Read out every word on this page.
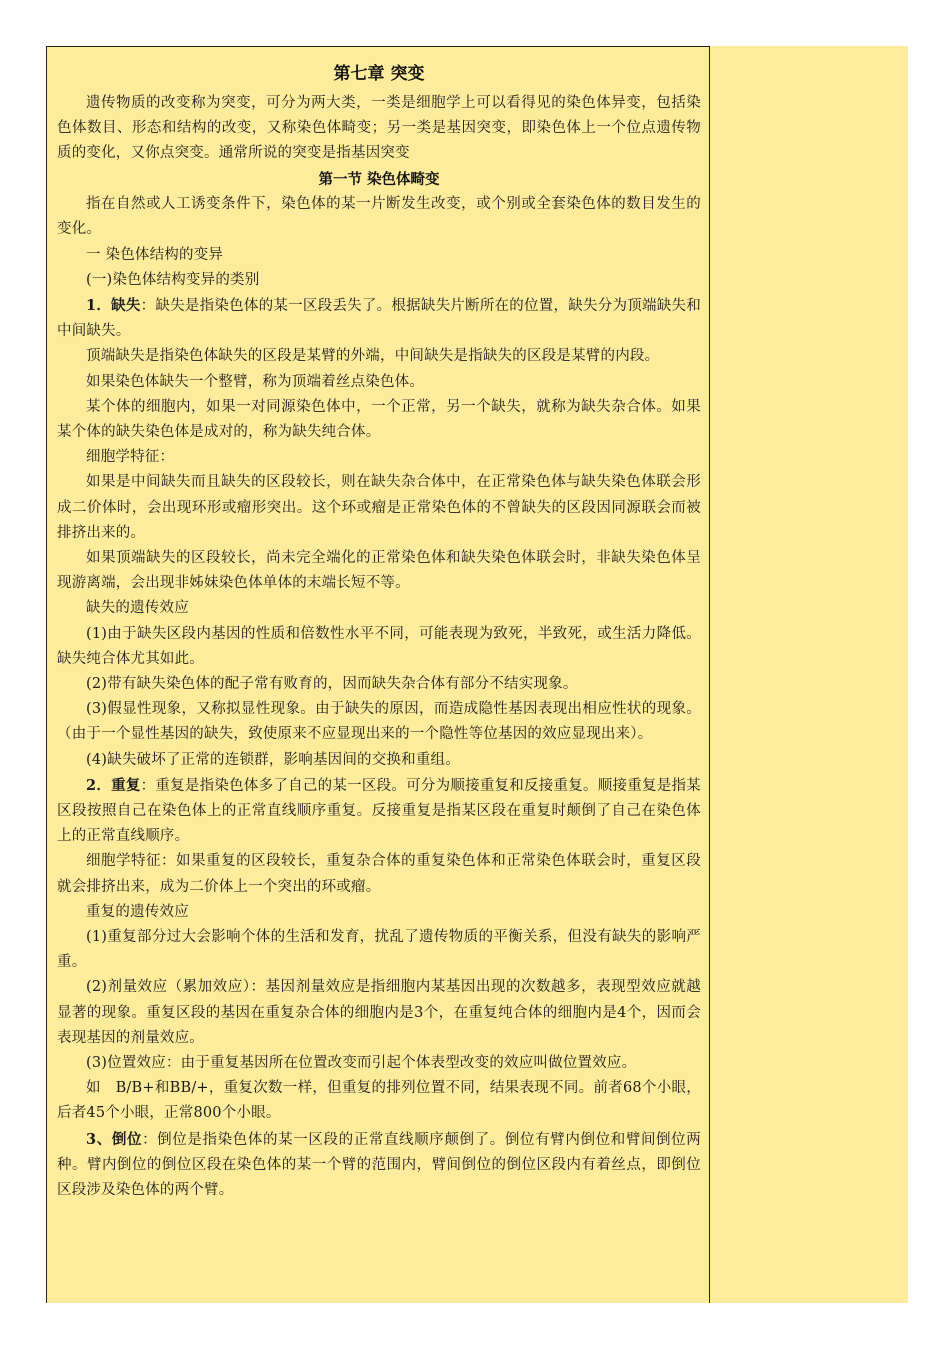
第七章 突变

遗传物质的改变称为突变，可分为两大类，一类是细胞学上可以看得见的染色体异变，包括染色体数目、形态和结构的改变，又称染色体畸变；另一类是基因突变，即染色体上一个位点遗传物质的变化，又你点突变。通常所说的突变是指基因突变

第一节 染色体畸变

指在自然或人工诱变条件下，染色体的某一片断发生改变，或个别或全套染色体的数目发生的变化。

一 染色体结构的变异

(一)染色体结构变异的类别

1．缺失：缺失是指染色体的某一区段丢失了。根据缺失片断所在的位置，缺失分为顶端缺失和中间缺失。

顶端缺失是指染色体缺失的区段是某臂的外端，中间缺失是指缺失的区段是某臂的内段。

如果染色体缺失一个整臂，称为顶端着丝点染色体。

某个体的细胞内，如果一对同源染色体中，一个正常，另一个缺失，就称为缺失杂合体。如果某个体的缺失染色体是成对的，称为缺失纯合体。

细胞学特征：

如果是中间缺失而且缺失的区段较长，则在缺失杂合体中，在正常染色体与缺失染色体联会形成二价体时，会出现环形或瘤形突出。这个环或瘤是正常染色体的不曾缺失的区段因同源联会而被排挤出来的。

如果顶端缺失的区段较长，尚未完全端化的正常染色体和缺失染色体联会时，非缺失染色体呈现游离端，会出现非姊妹染色体单体的末端长短不等。

缺失的遗传效应

(1)由于缺失区段内基因的性质和倍数性水平不同，可能表现为致死，半致死，或生活力降低。缺失纯合体尤其如此。

(2)带有缺失染色体的配子常有败育的，因而缺失杂合体有部分不结实现象。

(3)假显性现象，又称拟显性现象。由于缺失的原因，而造成隐性基因表现出相应性状的现象。（由于一个显性基因的缺失，致使原来不应显现出来的一个隐性等位基因的效应显现出来）。

(4)缺失破坏了正常的连锁群，影响基因间的交换和重组。

2．重复：重复是指染色体多了自己的某一区段。可分为顺接重复和反接重复。顺接重复是指某区段按照自己在染色体上的正常直线顺序重复。反接重复是指某区段在重复时颠倒了自己在染色体上的正常直线顺序。

细胞学特征：如果重复的区段较长，重复杂合体的重复染色体和正常染色体联会时，重复区段就会排挤出来，成为二价体上一个突出的环或瘤。

重复的遗传效应

(1)重复部分过大会影响个体的生活和发育，扰乱了遗传物质的平衡关系，但没有缺失的影响严重。

(2)剂量效应（累加效应）：基因剂量效应是指细胞内某基因出现的次数越多，表现型效应就越显著的现象。重复区段的基因在重复杂合体的细胞内是3个，在重复纯合体的细胞内是4个，因而会表现基因的剂量效应。

(3)位置效应：由于重复基因所在位置改变而引起个体表型改变的效应叫做位置效应。

如　B/B+和BB/+，重复次数一样，但重复的排列位置不同，结果表现不同。前者68个小眼，后者45个小眼，正常800个小眼。

3、倒位：倒位是指染色体的某一区段的正常直线顺序颠倒了。倒位有臂内倒位和臂间倒位两种。臂内倒位的倒位区段在染色体的某一个臂的范围内，臂间倒位的倒位区段内有着丝点，即倒位区段涉及染色体的两个臂。
